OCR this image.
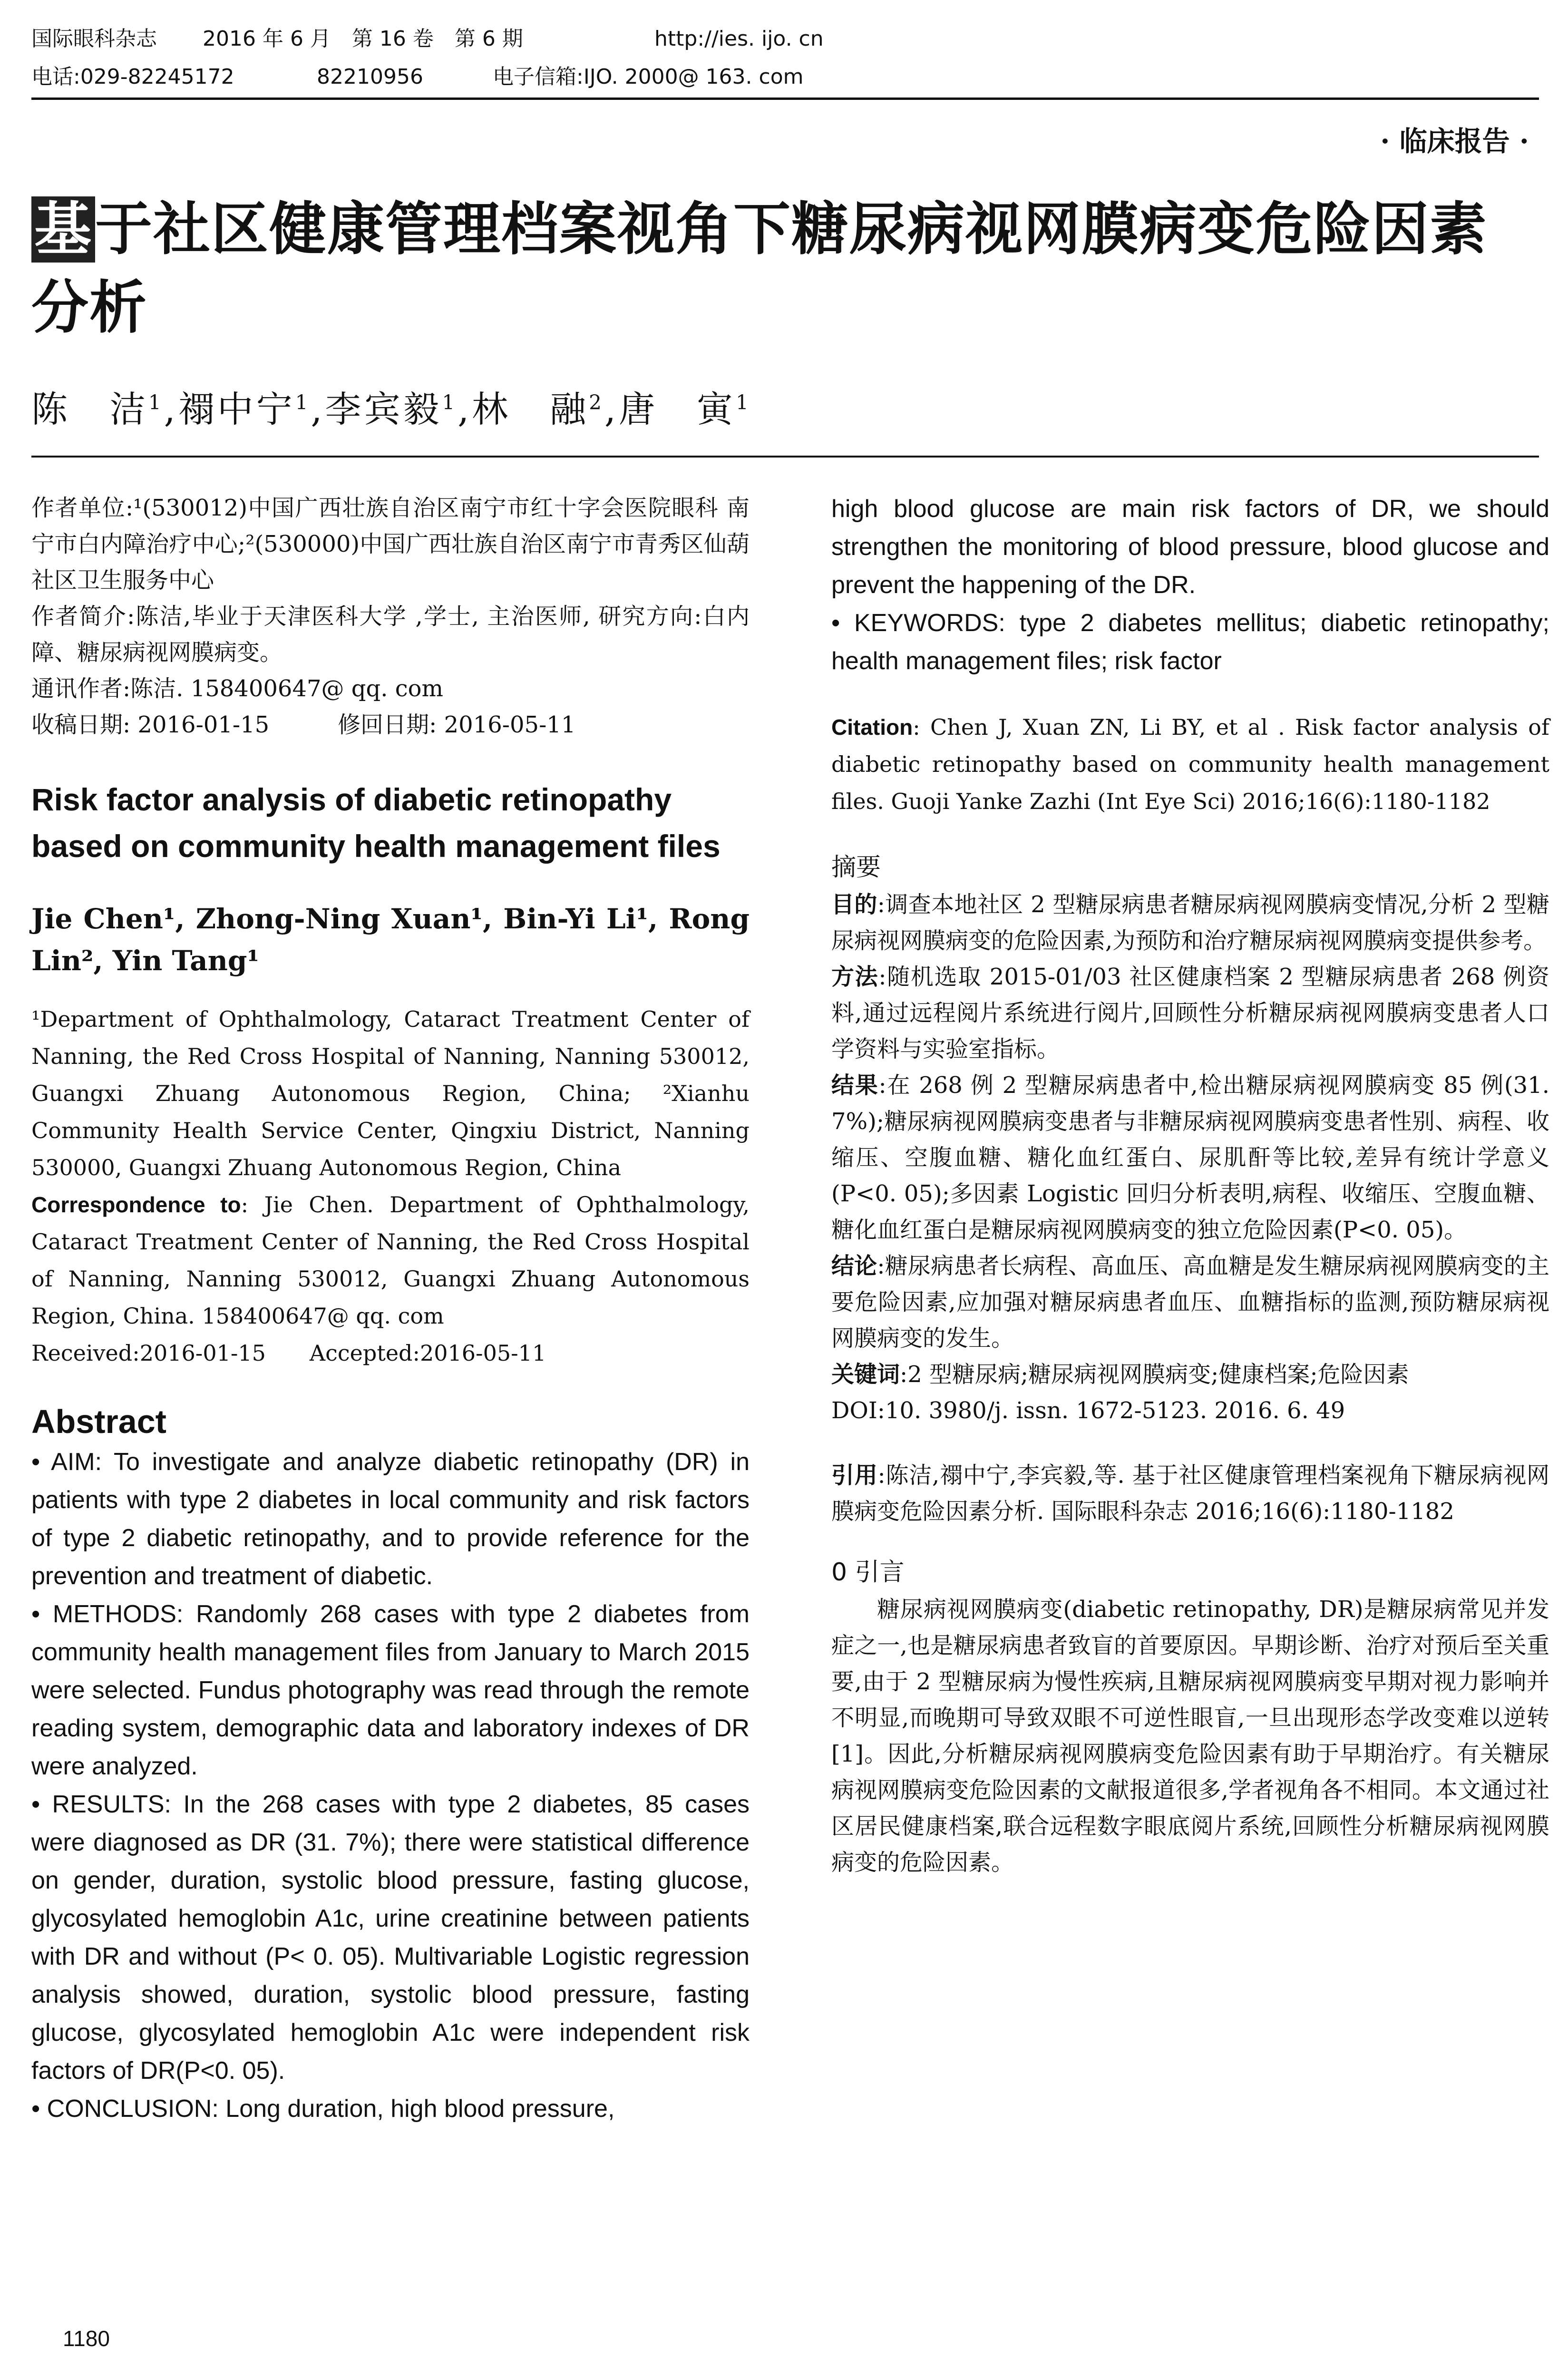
国际眼科杂志	2016 年 6 月　第 16 卷　第 6 期	http://ies. ijo. cn
电话:029-82245172	82210956	电子信箱:IJO. 2000@ 163. com
· 临床报告 ·
基于社区健康管理档案视角下糖尿病视网膜病变危险因素分析
陈　洁$^1$,禤中宁$^1$,李宾毅$^1$,林　融$^2$,唐　寅$^1$

作者单位:¹(530012)中国广西壮族自治区南宁市红十字会医院眼科 南宁市白内障治疗中心;²(530000)中国广西壮族自治区南宁市青秀区仙葫社区卫生服务中心

作者简介:陈洁,毕业于天津医科大学 ,学士, 主治医师, 研究方向:白内障、糖尿病视网膜病变。

通讯作者:陈洁. 158400647@ qq. com

收稿日期: 2016-01-15　　　修回日期: 2016-05-11

Risk factor analysis of diabetic retinopathy based on community health management files

Jie Chen¹, Zhong-Ning Xuan¹, Bin-Yi Li¹, Rong Lin², Yin Tang¹

¹Department of Ophthalmology, Cataract Treatment Center of Nanning, the Red Cross Hospital of Nanning, Nanning 530012, Guangxi Zhuang Autonomous Region, China; ²Xianhu Community Health Service Center, Qingxiu District, Nanning 530000, Guangxi Zhuang Autonomous Region, China

Correspondence to: Jie Chen. Department of Ophthalmology, Cataract Treatment Center of Nanning, the Red Cross Hospital of Nanning, Nanning 530012, Guangxi Zhuang Autonomous Region, China. 158400647@ qq. com

Received:2016-01-15　　Accepted:2016-05-11

Abstract

• AIM: To investigate and analyze diabetic retinopathy (DR) in patients with type 2 diabetes in local community and risk factors of type 2 diabetic retinopathy, and to provide reference for the prevention and treatment of diabetic.

• METHODS: Randomly 268 cases with type 2 diabetes from community health management files from January to March 2015 were selected. Fundus photography was read through the remote reading system, demographic data and laboratory indexes of DR were analyzed.

• RESULTS: In the 268 cases with type 2 diabetes, 85 cases were diagnosed as DR (31. 7%); there were statistical difference on gender, duration, systolic blood pressure, fasting glucose, glycosylated hemoglobin A1c, urine creatinine between patients with DR and without (P< 0. 05). Multivariable Logistic regression analysis showed, duration, systolic blood pressure, fasting glucose, glycosylated hemoglobin A1c were independent risk factors of DR(P<0. 05).

• CONCLUSION: Long duration, high blood pressure,

high blood glucose are main risk factors of DR, we should strengthen the monitoring of blood pressure, blood glucose and prevent the happening of the DR.

• KEYWORDS: type 2 diabetes mellitus; diabetic retinopathy; health management files; risk factor

Citation: Chen J, Xuan ZN, Li BY, et al . Risk factor analysis of diabetic retinopathy based on community health management files. Guoji Yanke Zazhi (Int Eye Sci) 2016;16(6):1180-1182

摘要

目的:调查本地社区 2 型糖尿病患者糖尿病视网膜病变情况,分析 2 型糖尿病视网膜病变的危险因素,为预防和治疗糖尿病视网膜病变提供参考。

方法:随机选取 2015-01/03 社区健康档案 2 型糖尿病患者 268 例资料,通过远程阅片系统进行阅片,回顾性分析糖尿病视网膜病变患者人口学资料与实验室指标。

结果:在 268 例 2 型糖尿病患者中,检出糖尿病视网膜病变 85 例(31. 7%);糖尿病视网膜病变患者与非糖尿病视网膜病变患者性别、病程、收缩压、空腹血糖、糖化血红蛋白、尿肌酐等比较,差异有统计学意义(P<0. 05);多因素 Logistic 回归分析表明,病程、收缩压、空腹血糖、糖化血红蛋白是糖尿病视网膜病变的独立危险因素(P<0. 05)。

结论:糖尿病患者长病程、高血压、高血糖是发生糖尿病视网膜病变的主要危险因素,应加强对糖尿病患者血压、血糖指标的监测,预防糖尿病视网膜病变的发生。

关键词:2 型糖尿病;糖尿病视网膜病变;健康档案;危险因素

DOI:10. 3980/j. issn. 1672-5123. 2016. 6. 49

引用:陈洁,禤中宁,李宾毅,等. 基于社区健康管理档案视角下糖尿病视网膜病变危险因素分析. 国际眼科杂志 2016;16(6):1180-1182

0 引言

糖尿病视网膜病变(diabetic retinopathy, DR)是糖尿病常见并发症之一,也是糖尿病患者致盲的首要原因。早期诊断、治疗对预后至关重要,由于 2 型糖尿病为慢性疾病,且糖尿病视网膜病变早期对视力影响并不明显,而晚期可导致双眼不可逆性眼盲,一旦出现形态学改变难以逆转[1]。因此,分析糖尿病视网膜病变危险因素有助于早期治疗。有关糖尿病视网膜病变危险因素的文献报道很多,学者视角各不相同。本文通过社区居民健康档案,联合远程数字眼底阅片系统,回顾性分析糖尿病视网膜病变的危险因素。

1180
